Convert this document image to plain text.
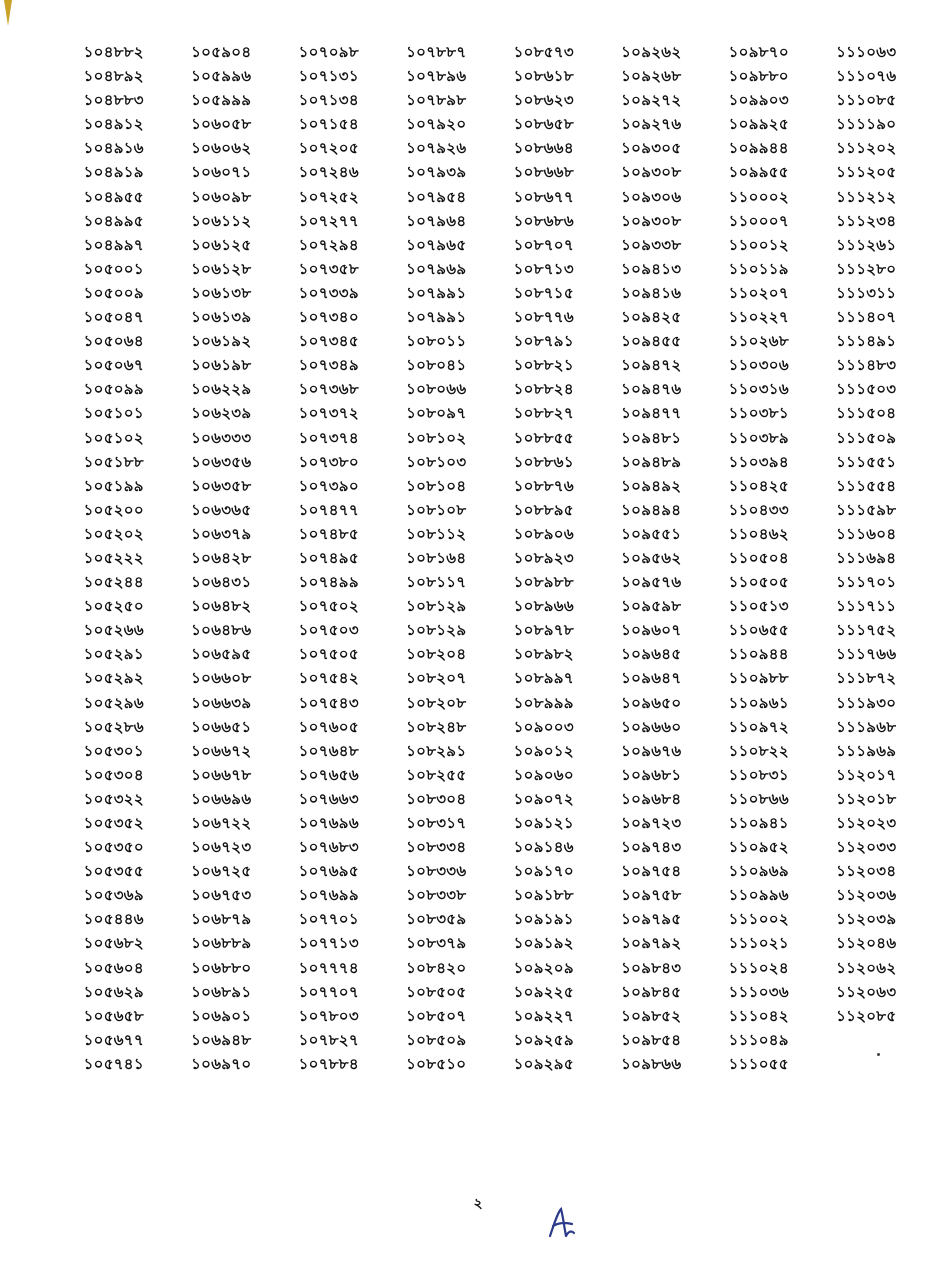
১০৪৮৮২	১০৫৯০৪	১০৭০৯৮	১০৭৮৮৭	১০৮৫৭৩	১০৯২৬২	১০৯৮৭০	১১১০৬৩
১০৪৮৯২	১০৫৯৯৬	১০৭১৩১	১০৭৮৯৬	১০৮৬১৮	১০৯২৬৮	১০৯৮৮০	১১১০৭৬
১০৪৮৮৩	১০৫৯৯৯	১০৭১৩৪	১০৭৮৯৮	১০৮৬২৩	১০৯২৭২	১০৯৯০৩	১১১০৮৫
১০৪৯১২	১০৬০৫৮	১০৭১৫৪	১০৭৯২০	১০৮৬৫৮	১০৯২৭৬	১০৯৯২৫	১১১১৯০
১০৪৯১৬	১০৬০৬২	১০৭২০৫	১০৭৯২৬	১০৮৬৬৪	১০৯৩০৫	১০৯৯৪৪	১১১২০২
১০৪৯১৯	১০৬০৭১	১০৭২৪৬	১০৭৯৩৯	১০৮৬৬৮	১০৯৩০৮	১০৯৯৫৫	১১১২০৫
১০৪৯৫৫	১০৬০৯৮	১০৭২৫২	১০৭৯৫৪	১০৮৬৭৭	১০৯৩০৬	১১০০০২	১১১২১২
১০৪৯৯৫	১০৬১১২	১০৭২৭৭	১০৭৯৬৪	১০৮৬৮৬	১০৯৩০৮	১১০০০৭	১১১২৩৪
১০৪৯৯৭	১০৬১২৫	১০৭২৯৪	১০৭৯৬৫	১০৮৭০৭	১০৯৩৩৮	১১০০১২	১১১২৬১
১০৫০০১	১০৬১২৮	১০৭৩৫৮	১০৭৯৬৯	১০৮৭১৩	১০৯৪১৩	১১০১১৯	১১১২৮০
১০৫০০৯	১০৬১৩৮	১০৭৩৩৯	১০৭৯৯১	১০৮৭১৫	১০৯৪১৬	১১০২০৭	১১১৩১১
১০৫০৪৭	১০৬১৩৯	১০৭৩৪০	১০৭৯৯১	১০৮৭৭৬	১০৯৪২৫	১১০২২৭	১১১৪০৭
১০৫০৬৪	১০৬১৯২	১০৭৩৪৫	১০৮০১১	১০৮৭৯১	১০৯৪৫৫	১১০২৬৮	১১১৪৯১
১০৫০৬৭	১০৬১৯৮	১০৭৩৪৯	১০৮০৪১	১০৮৮২১	১০৯৪৭২	১১০৩০৬	১১১৪৮৩
১০৫০৯৯	১০৬২২৯	১০৭৩৬৮	১০৮০৬৬	১০৮৮২৪	১০৯৪৭৬	১১০৩১৬	১১১৫০৩
১০৫১০১	১০৬২৩৯	১০৭৩৭২	১০৮০৯৭	১০৮৮২৭	১০৯৪৭৭	১১০৩৮১	১১১৫০৪
১০৫১০২	১০৬৩৩৩	১০৭৩৭৪	১০৮১০২	১০৮৮৫৫	১০৯৪৮১	১১০৩৮৯	১১১৫০৯
১০৫১৮৮	১০৬৩৫৬	১০৭৩৮০	১০৮১০৩	১০৮৮৬১	১০৯৪৮৯	১১০৩৯৪	১১১৫৫১
১০৫১৯৯	১০৬৩৫৮	১০৭৩৯০	১০৮১০৪	১০৮৮৭৬	১০৯৪৯২	১১০৪২৫	১১১৫৫৪
১০৫২০০	১০৬৩৬৫	১০৭৪৭৭	১০৮১০৮	১০৮৮৯৫	১০৯৪৯৪	১১০৪৩৩	১১১৫৯৮
১০৫২০২	১০৬৩৭৯	১০৭৪৮৫	১০৮১১২	১০৮৯০৬	১০৯৫৫১	১১০৪৬২	১১১৬০৪
১০৫২২২	১০৬৪২৮	১০৭৪৯৫	১০৮১৬৪	১০৮৯২৩	১০৯৫৬২	১১০৫০৪	১১১৬৯৪
১০৫২৪৪	১০৬৪৩১	১০৭৪৯৯	১০৮১১৭	১০৮৯৮৮	১০৯৫৭৬	১১০৫০৫	১১১৭০১
১০৫২৫০	১০৬৪৮২	১০৭৫০২	১০৮১২৯	১০৮৯৬৬	১০৯৫৯৮	১১০৫১৩	১১১৭১১
১০৫২৬৬	১০৬৪৮৬	১০৭৫০৩	১০৮১২৯	১০৮৯৭৮	১০৯৬০৭	১১০৬৫৫	১১১৭৫২
১০৫২৯১	১০৬৫৯৫	১০৭৫০৫	১০৮২০৪	১০৮৯৮২	১০৯৬৪৫	১১০৯৪৪	১১১৭৬৬
১০৫২৯২	১০৬৬০৮	১০৭৫৪২	১০৮২০৭	১০৮৯৯৭	১০৯৬৪৭	১১০৯৮৮	১১১৮৭২
১০৫২৯৬	১০৬৬৩৯	১০৭৫৪৩	১০৮২০৮	১০৮৯৯৯	১০৯৬৫০	১১০৯৬১	১১১৯৩০
১০৫২৮৬	১০৬৬৫১	১০৭৬০৫	১০৮২৪৮	১০৯০০৩	১০৯৬৬০	১১০৯৭২	১১১৯৬৮
১০৫৩০১	১০৬৬৭২	১০৭৬৪৮	১০৮২৯১	১০৯০১২	১০৯৬৭৬	১১০৮২২	১১১৯৬৯
১০৫৩০৪	১০৬৬৭৮	১০৭৬৫৬	১০৮২৫৫	১০৯০৬০	১০৯৬৮১	১১০৮৩১	১১২০১৭
১০৫৩২২	১০৬৬৯৬	১০৭৬৬৩	১০৮৩০৪	১০৯০৭২	১০৯৬৮৪	১১০৮৬৬	১১২০১৮
১০৫৩৫২	১০৬৭২২	১০৭৬৯৬	১০৮৩১৭	১০৯১২১	১০৯৭২৩	১১০৯৪১	১১২০২৩
১০৫৩৫০	১০৬৭২৩	১০৭৬৮৩	১০৮৩৩৪	১০৯১৪৬	১০৯৭৪৩	১১০৯৫২	১১২০৩৩
১০৫৩৫৫	১০৬৭২৫	১০৭৬৯৫	১০৮৩৩৬	১০৯১৭০	১০৯৭৫৪	১১০৯৬৯	১১২০৩৪
১০৫৩৬৯	১০৬৭৫৩	১০৭৬৯৯	১০৮৩৩৮	১০৯১৮৮	১০৯৭৫৮	১১০৯৯৬	১১২০৩৬
১০৫৪৪৬	১০৬৮৭৯	১০৭৭০১	১০৮৩৫৯	১০৯১৯১	১০৯৭৯৫	১১১০০২	১১২০৩৯
১০৫৬৮২	১০৬৮৮৯	১০৭৭১৩	১০৮৩৭৯	১০৯১৯২	১০৯৭৯২	১১১০২১	১১২০৪৬
১০৫৬০৪	১০৬৮৮০	১০৭৭৭৪	১০৮৪২০	১০৯২০৯	১০৯৮৪৩	১১১০২৪	১১২০৬২
১০৫৬২৯	১০৬৮৯১	১০৭৭০৭	১০৮৫০৫	১০৯২২৫	১০৯৮৪৫	১১১০৩৬	১১২০৬৩
১০৫৬৫৮	১০৬৯০১	১০৭৮০৩	১০৮৫০৭	১০৯২২৭	১০৯৮৫২	১১১০৪২	১১২০৮৫
১০৫৬৭৭	১০৬৯৪৮	১০৭৮২৭	১০৮৫০৯	১০৯২৫৯	১০৯৮৫৪	১১১০৪৯
১০৫৭৪১	১০৬৯৭০	১০৭৮৮৪	১০৮৫১০	১০৯২৯৫	১০৯৮৬৬	১১১০৫৫
২
